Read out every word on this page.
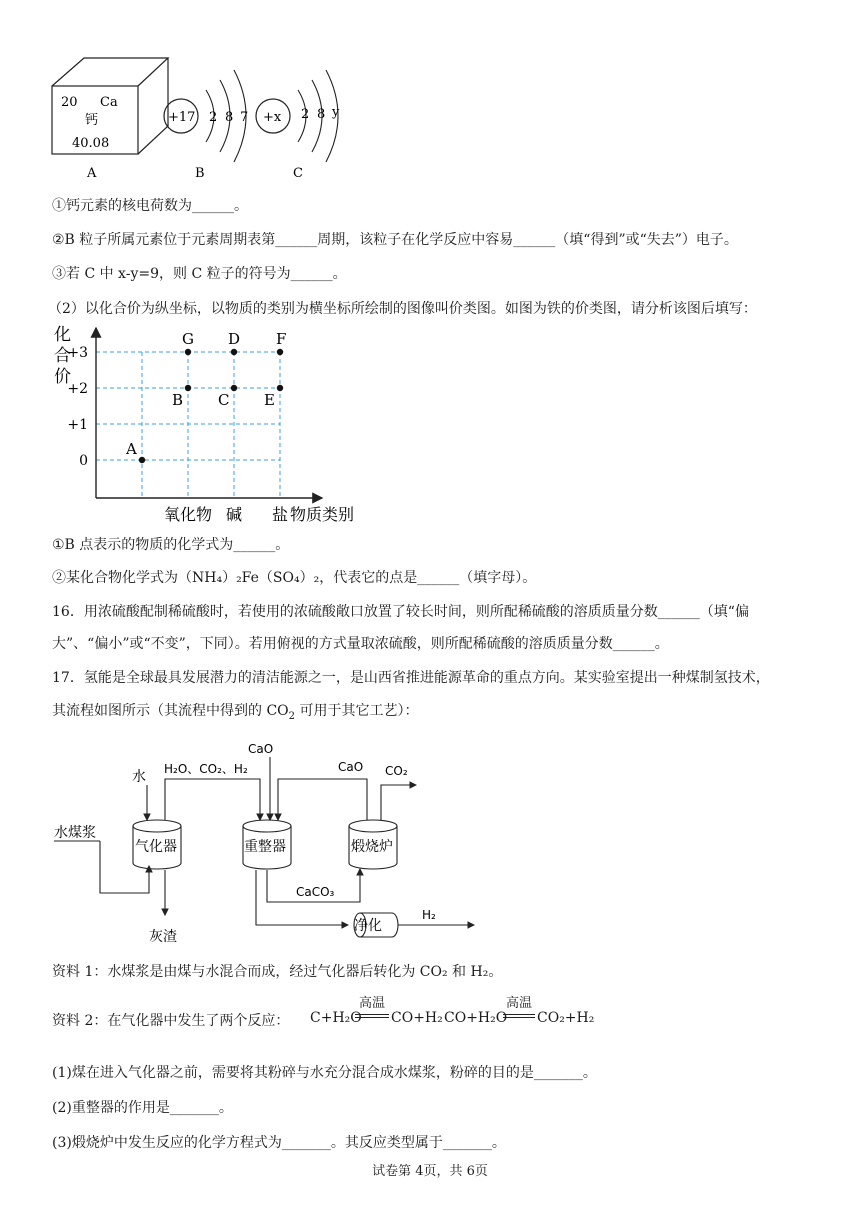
20 Ca
钙
40.08
+17 2 8 7 +x 2 8 y
A	B	C
①钙元素的核电荷数为______。
②B 粒子所属元素位于元素周期表第______周期，该粒子在化学反应中容易______（填“得到”或“失去”）电子。
③若 C 中 x-y=9，则 C 粒子的符号为______。
（2）以化合价为纵坐标，以物质的类别为横坐标所绘制的图像叫价类图。如图为铁的价类图，请分析该图后填写：
化
合
价
0
+1
+2
+3
氧化物 碱 盐 物质类别
A
B C E
G D F
①B 点表示的物质的化学式为______。
②某化合物化学式为（NH₄）₂Fe（SO₄）₂，代表它的点是______（填字母）。
16．用浓硫酸配制稀硫酸时，若使用的浓硫酸敞口放置了较长时间，则所配稀硫酸的溶质质量分数______（填“偏
大”、“偏小”或“不变”，下同）。若用俯视的方式量取浓硫酸，则所配稀硫酸的溶质质量分数______。
17．氢能是全球最具发展潜力的清洁能源之一，是山西省推进能源革命的重点方向。某实验室提出一种煤制氢技术，
其流程如图所示（其流程中得到的 $CO_2$ 可用于其它工艺）：
水
水煤浆
气化器	重整器	煅烧炉
净化
灰渣
H₂O、CO₂、H₂
CaO
CaO CO₂
CaCO₃
H₂
资料 1：水煤浆是由煤与水混合而成，经过气化器后转化为 CO₂ 和 H₂。
资料 2：在气化器中发生了两个反应： C+H₂O
高温
CO+H₂ CO+H₂O
高温
CO₂+H₂
(1)煤在进入气化器之前，需要将其粉碎与水充分混合成水煤浆，粉碎的目的是_______。
(2)重整器的作用是_______。
(3)煅烧炉中发生反应的化学方程式为_______。其反应类型属于_______。
试卷第 4页，共 6页
